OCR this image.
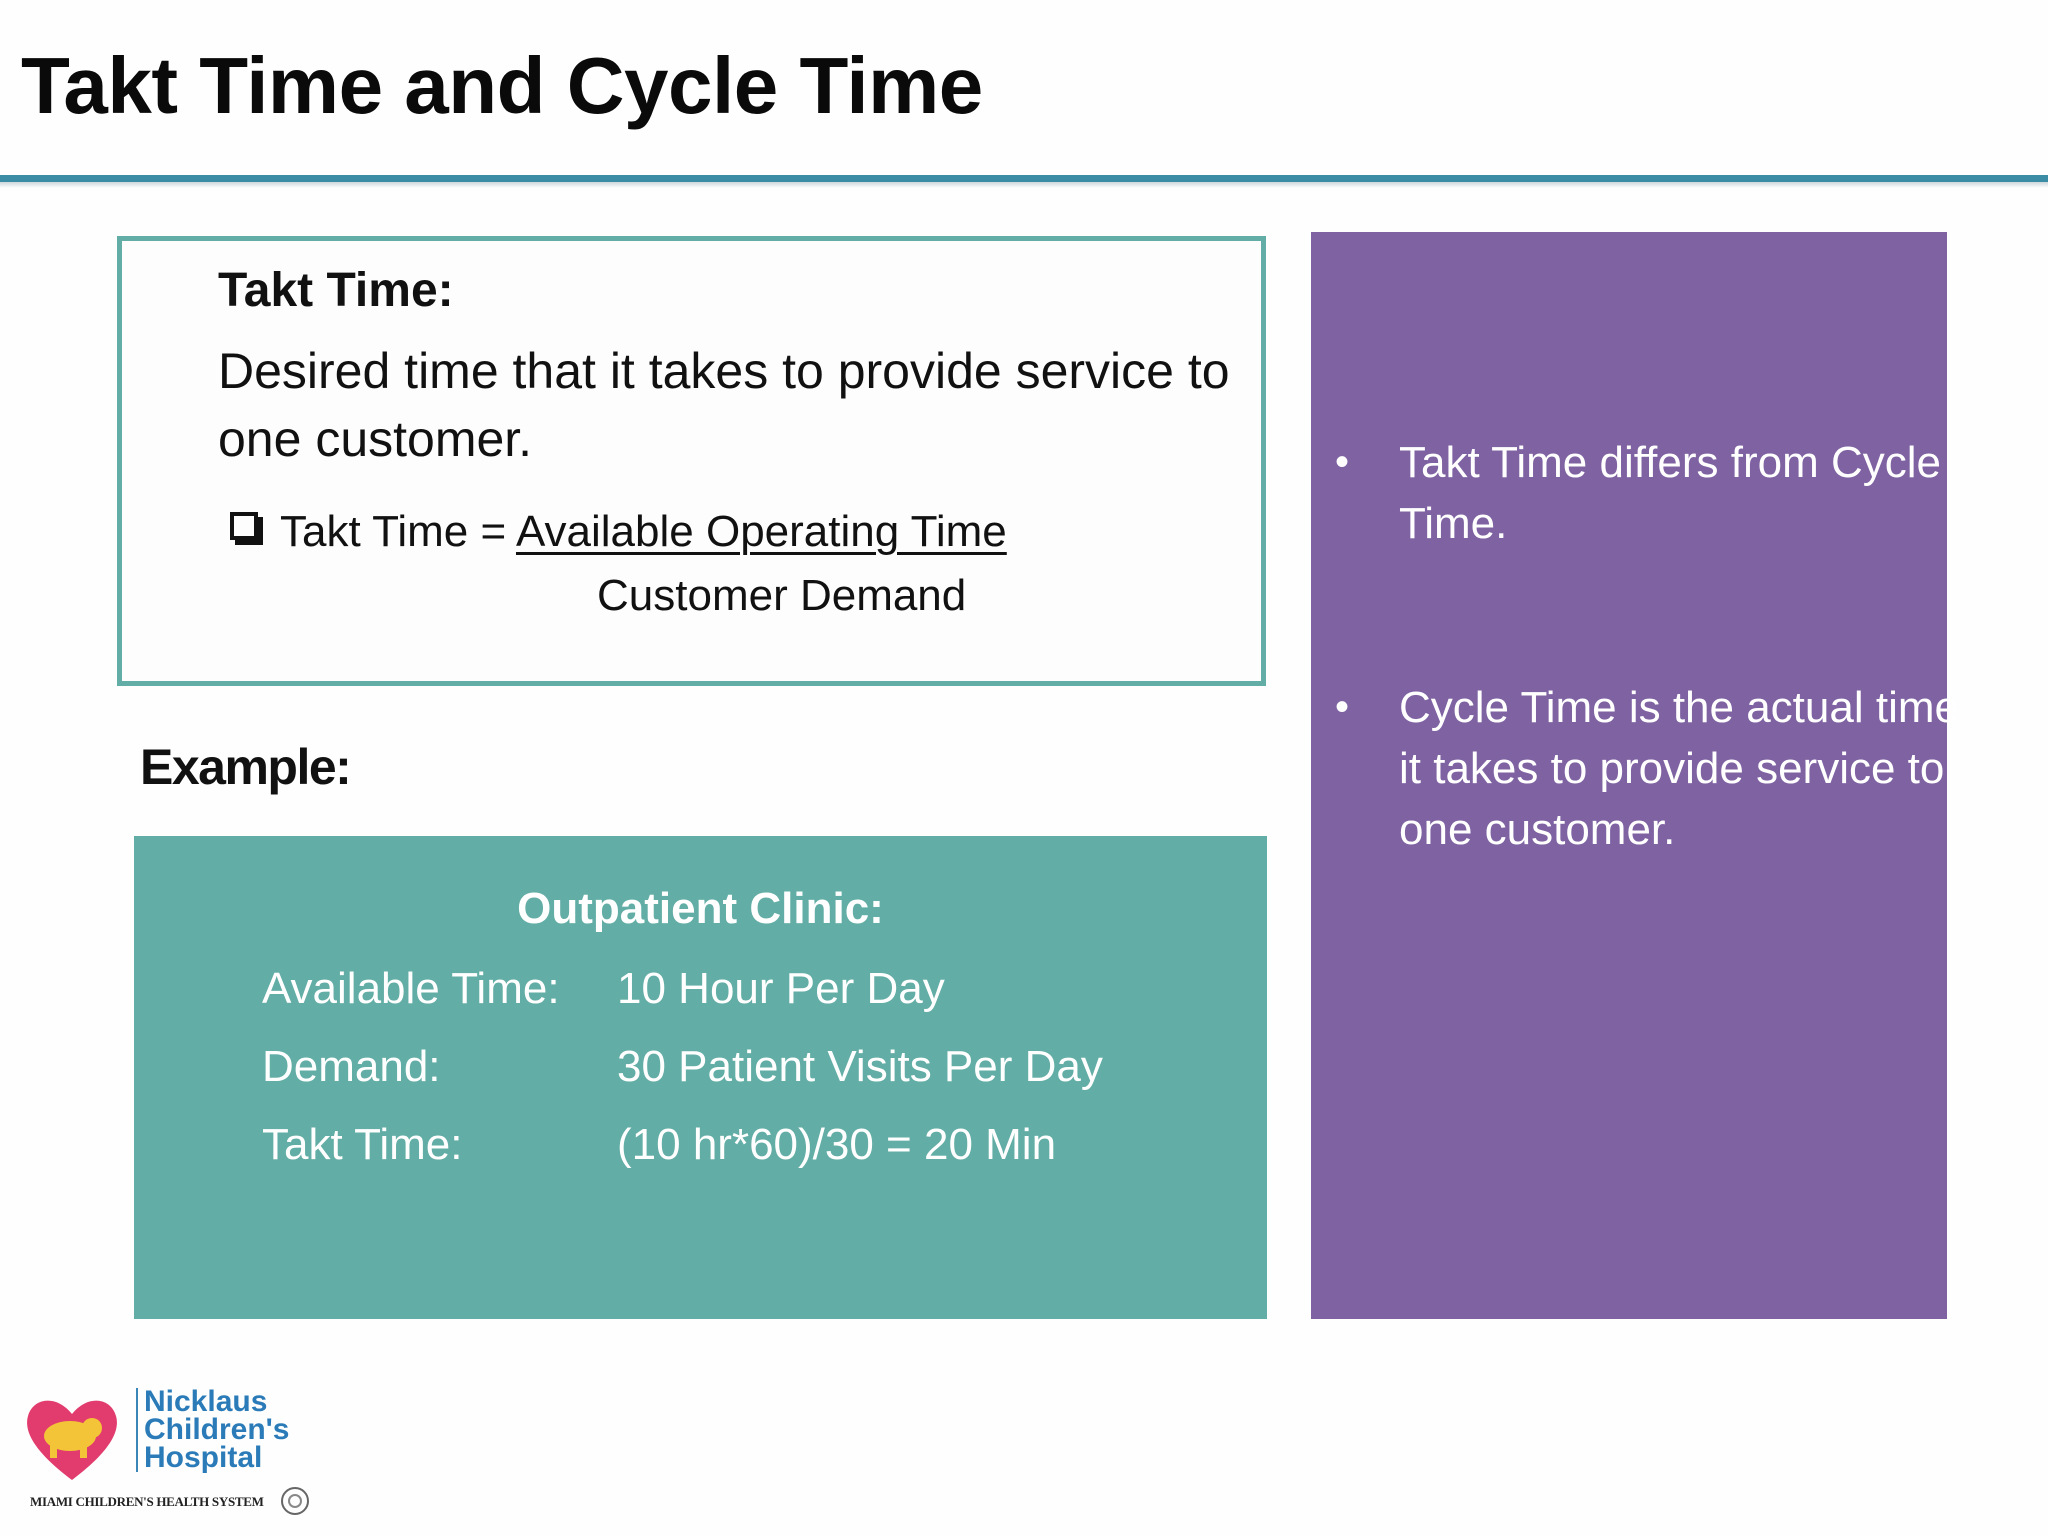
Takt Time and Cycle Time
Takt Time:
Desired time that it takes to provide service to one customer.
Takt Time = Available Operating Time
Customer Demand
Example:
Outpatient Clinic:
Available Time: 10 Hour Per Day
Demand:	30 Patient Visits Per Day
Takt Time:	(10 hr*60)/30 = 20 Min
• Takt Time differs from Cycle Time.
• Cycle Time is the actual time it takes to provide service to one customer.
Nicklaus
Children's
Hospital
MIAMI CHILDREN'S HEALTH SYSTEM
